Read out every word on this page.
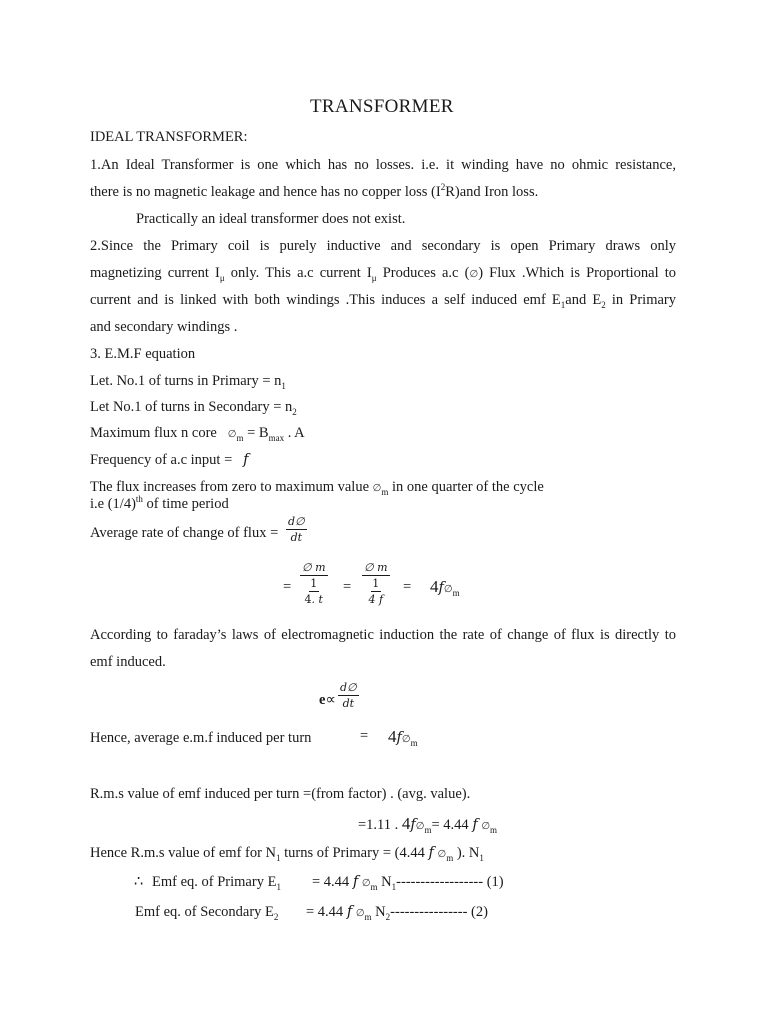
TRANSFORMER
IDEAL TRANSFORMER:
1.An Ideal Transformer is one which has no losses. i.e. it winding have no ohmic resistance,
there is no magnetic leakage and hence has no copper loss $(I^2R)and$ Iron loss.
Practically an ideal transformer does not exist.
2.Since the Primary coil is purely inductive and secondary is open Primary draws only
magnetizing current $I_\mu$ only. This a.c current $I_\mu$ Produces a.c (∅) Flux .Which is Proportional to
current and is linked with both windings .This induces a self induced emf $E_1and$ $E_2$ in Primary
and secondary windings .
3. E.M.F equation
Let. No.1 of turns in Primary = $n_1$
Let No.1 of turns in Secondary = $n_2$
Maximum flux n core $\emptyset_m = B_{max}$ . A
Frequency of a.c input = f
The flux increases from zero to maximum value $\emptyset_m$ in one quarter of the cycle
i.e $(1/4)^{th}$ of time period
Average rate of change of flux =
d∅
dt
=
∅ m
1
4. t
=
∅ m
1
4 f
= $4f\emptyset_m$
According to faraday’s laws of electromagnetic induction the rate of change of flux is directly to
emf induced.
e∝
d∅
dt
Hence, average e.m.f induced per turn	= $4f\emptyset_m$
R.m.s value of emf induced per turn =(from factor) . (avg. value).
=1.11 . $4f\emptyset_m= 4.44$ f $\emptyset_m$
Hence R.m.s value of emf for $N_1$ turns of Primary = (4.44 f $\emptyset_m$ ). $N_1$
∴ Emf eq. of Primary $E_1 = 4.44$ f $\emptyset_m$ $N_1------------------$ (1)
Emf eq. of Secondary $E_2 = 4.44$ f $\emptyset_m$ $N_2----------------$ (2)
